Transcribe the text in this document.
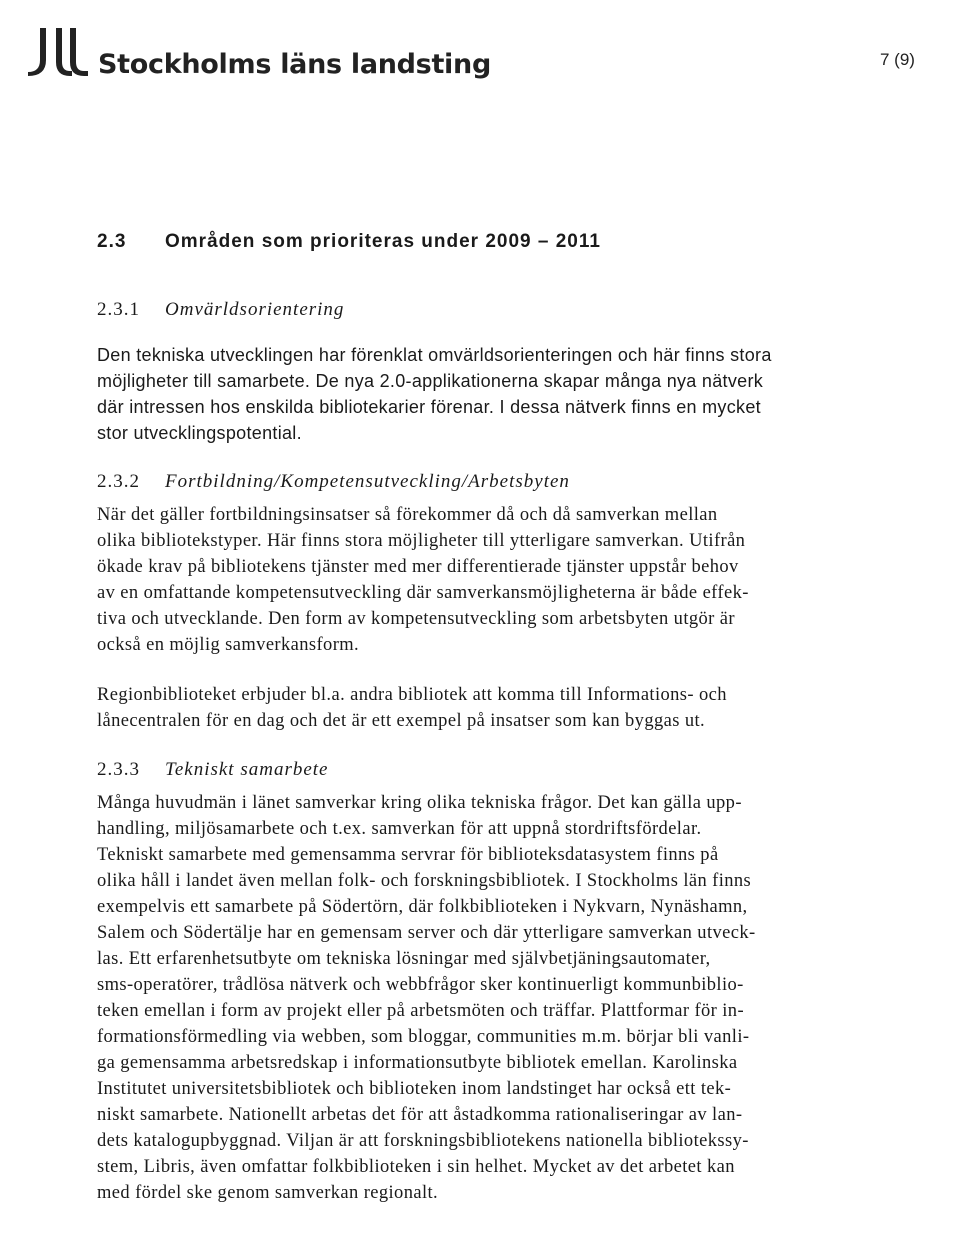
Stockholms läns landsting	7 (9)
2.3 Områden som prioriteras under 2009 – 2011
2.3.1 Omvärldsorientering
Den tekniska utvecklingen har förenklat omvärldsorienteringen och här finns stora
möjligheter till samarbete. De nya 2.0-applikationerna skapar många nya nätverk
där intressen hos enskilda bibliotekarier förenar. I dessa nätverk finns en mycket
stor utvecklingspotential.
2.3.2 Fortbildning/Kompetensutveckling/Arbetsbyten
När det gäller fortbildningsinsatser så förekommer då och då samverkan mellan
olika bibliotekstyper. Här finns stora möjligheter till ytterligare samverkan. Utifrån
ökade krav på bibliotekens tjänster med mer differentierade tjänster uppstår behov
av en omfattande kompetensutveckling där samverkansmöjligheterna är både effek-
tiva och utvecklande. Den form av kompetensutveckling som arbetsbyten utgör är
också en möjlig samverkansform.
Regionbiblioteket erbjuder bl.a. andra bibliotek att komma till Informations- och
lånecentralen för en dag och det är ett exempel på insatser som kan byggas ut.
2.3.3 Tekniskt samarbete
Många huvudmän i länet samverkar kring olika tekniska frågor. Det kan gälla upp-
handling, miljösamarbete och t.ex. samverkan för att uppnå stordriftsfördelar.
Tekniskt samarbete med gemensamma servrar för biblioteksdatasystem finns på
olika håll i landet även mellan folk- och forskningsbibliotek. I Stockholms län finns
exempelvis ett samarbete på Södertörn, där folkbiblioteken i Nykvarn, Nynäshamn,
Salem och Södertälje har en gemensam server och där ytterligare samverkan utveck-
las. Ett erfarenhetsutbyte om tekniska lösningar med självbetjäningsautomater,
sms-operatörer, trådlösa nätverk och webbfrågor sker kontinuerligt kommunbiblio-
teken emellan i form av projekt eller på arbetsmöten och träffar. Plattformar för in-
formationsförmedling via webben, som bloggar, communities m.m. börjar bli vanli-
ga gemensamma arbetsredskap i informationsutbyte bibliotek emellan. Karolinska
Institutet universitetsbibliotek och biblioteken inom landstinget har också ett tek-
niskt samarbete. Nationellt arbetas det för att åstadkomma rationaliseringar av lan-
dets katalogupbyggnad. Viljan är att forskningsbibliotekens nationella bibliotekssy-
stem, Libris, även omfattar folkbiblioteken i sin helhet. Mycket av det arbetet kan
med fördel ske genom samverkan regionalt.
